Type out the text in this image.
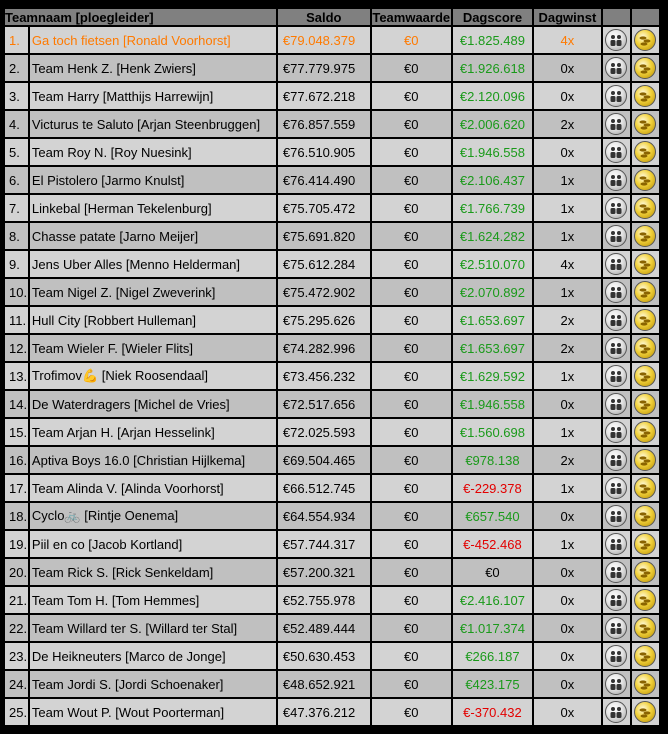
Teamnaam [ploegleider]		Saldo	Teamwaarde	Dagscore	Dagwinst		
1.	Ga toch fietsen [Ronald Voorhorst]	€79.048.379	€0	€1.825.489	4x	

2.	Team Henk Z. [Henk Zwiers]	€77.779.975	€0	€1.926.618	0x	

3.	Team Harry [Matthijs Harrewijn]	€77.672.218	€0	€2.120.096	0x	

4.	Victurus te Saluto [Arjan Steenbruggen]	€76.857.559	€0	€2.006.620	2x	

5.	Team Roy N. [Roy Nuesink]	€76.510.905	€0	€1.946.558	0x	

6.	El Pistolero [Jarmo Knulst]	€76.414.490	€0	€2.106.437	1x	

7.	Linkebal [Herman Tekelenburg]	€75.705.472	€0	€1.766.739	1x	

8.	Chasse patate [Jarno Meijer]	€75.691.820	€0	€1.624.282	1x	

9.	Jens Uber Alles [Menno Helderman]	€75.612.284	€0	€2.510.070	4x	

10.	Team Nigel Z. [Nigel Zweverink]	€75.472.902	€0	€2.070.892	1x	

11.	Hull City [Robbert Hulleman]	€75.295.626	€0	€1.653.697	2x	

12.	Team Wieler F. [Wieler Flits]	€74.282.996	€0	€1.653.697	2x	

13.	Trofimov💪 [Niek Roosendaal]	€73.456.232	€0	€1.629.592	1x	

14.	De Waterdragers [Michel de Vries]	€72.517.656	€0	€1.946.558	0x	

15.	Team Arjan H. [Arjan Hesselink]	€72.025.593	€0	€1.560.698	1x	

16.	Aptiva Boys 16.0 [Christian Hijlkema]	€69.504.465	€0	€978.138	2x	

17.	Team Alinda V. [Alinda Voorhorst]	€66.512.745	€0	€-229.378	1x	

18.	Cyclo🚲 [Rintje Oenema]	€64.554.934	€0	€657.540	0x	

19.	Piil en co [Jacob Kortland]	€57.744.317	€0	€-452.468	1x	

20.	Team Rick S. [Rick Senkeldam]	€57.200.321	€0	€0	0x	

21.	Team Tom H. [Tom Hemmes]	€52.755.978	€0	€2.416.107	0x	

22.	Team Willard ter S. [Willard ter Stal]	€52.489.444	€0	€1.017.374	0x	

23.	De Heikneuters [Marco de Jonge]	€50.630.453	€0	€266.187	0x	

24.	Team Jordi S. [Jordi Schoenaker]	€48.652.921	€0	€423.175	0x	

25.	Team Wout P. [Wout Poorterman]	€47.376.212	€0	€-370.432	0x	
